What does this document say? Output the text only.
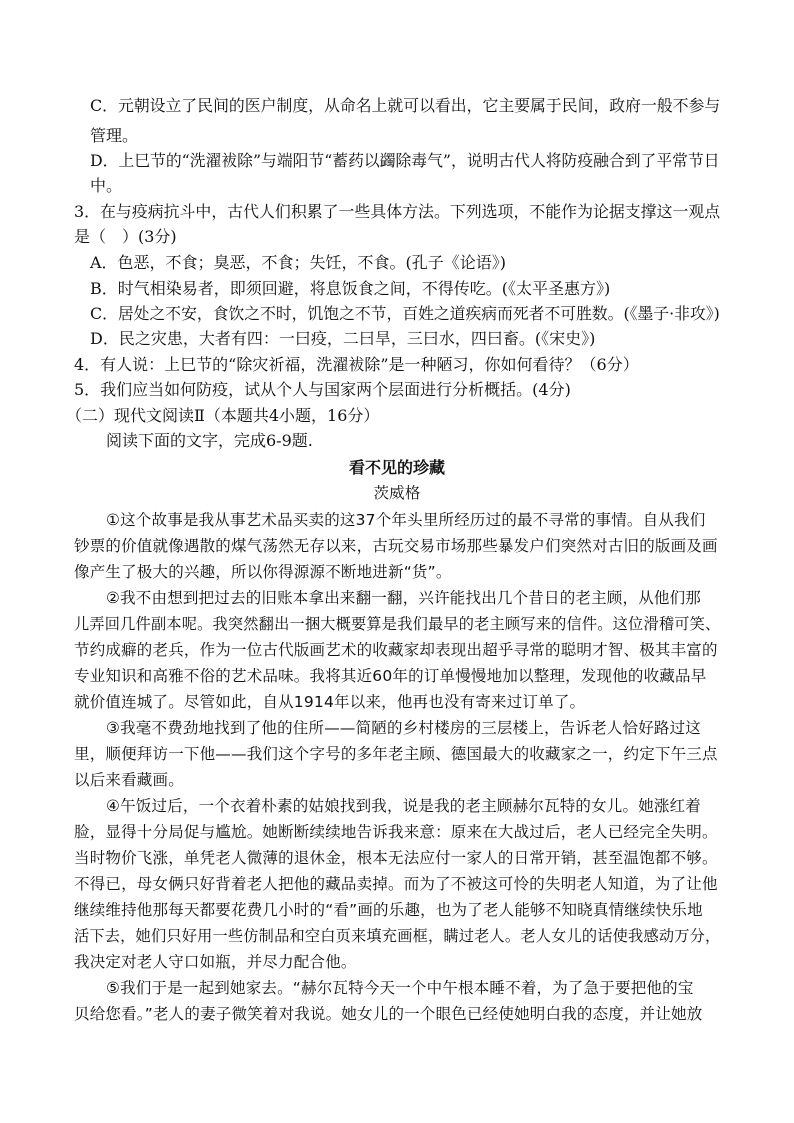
C．元朝设立了民间的医户制度，从命名上就可以看出，它主要属于民间，政府一般不参与
管理。
D．上巳节的“洗濯袚除”与端阳节“蓄药以蠲除毒气”，说明古代人将防疫融合到了平常节日
中。
3．在与疫病抗斗中，古代人们积累了一些具体方法。下列选项，不能作为论据支撑这一观点
是（　）(3分)
A．色恶，不食；臭恶，不食；失饪，不食。(孔子《论语》)
B．时气相染易者，即须回避，将息饭食之间，不得传吃。(《太平圣惠方》)
C．居处之不安，食饮之不时，饥饱之不节，百姓之道疾病而死者不可胜数。(《墨子·非攻》)
D．民之灾患，大者有四：一曰疫，二曰旱，三曰水，四曰畜。(《宋史》)
4．有人说：上巳节的“除灾祈福，洗濯袚除”是一种陋习，你如何看待？（6分）
5．我们应当如何防疫，试从个人与国家两个层面进行分析概括。(4分)
（二）现代文阅读Ⅱ（本题共4小题，16分）
阅读下面的文字，完成6-9题.
看不见的珍藏
茨威格
①这个故事是我从事艺术品买卖的这37个年头里所经历过的最不寻常的事情。自从我们
钞票的价值就像遇散的煤气荡然无存以来，古玩交易市场那些暴发户们突然对古旧的版画及画
像产生了极大的兴趣，所以你得源源不断地进新“货”。
②我不由想到把过去的旧账本拿出来翻一翻，兴许能找出几个昔日的老主顾，从他们那
儿弄回几件副本呢。我突然翻出一捆大概要算是我们最早的老主顾写来的信件。这位滑稽可笑、
节约成癖的老兵，作为一位古代版画艺术的收藏家却表现出超乎寻常的聪明才智、极其丰富的
专业知识和高雅不俗的艺术品味。我将其近60年的订单慢慢地加以整理，发现他的收藏品早
就价值连城了。尽管如此，自从1914年以来，他再也没有寄来过订单了。
③我毫不费劲地找到了他的住所——简陋的乡村楼房的三层楼上，告诉老人恰好路过这
里，顺便拜访一下他——我们这个字号的多年老主顾、德国最大的收藏家之一，约定下午三点
以后来看藏画。
④午饭过后，一个衣着朴素的姑娘找到我，说是我的老主顾赫尔瓦特的女儿。她涨红着
脸，显得十分局促与尴尬。她断断续续地告诉我来意：原来在大战过后，老人已经完全失明。
当时物价飞涨，单凭老人微薄的退休金，根本无法应付一家人的日常开销，甚至温饱都不够。
不得已，母女俩只好背着老人把他的藏品卖掉。而为了不被这可怜的失明老人知道，为了让他
继续维持他那每天都要花费几小时的“看”画的乐趣，也为了老人能够不知晓真情继续快乐地
活下去，她们只好用一些仿制品和空白页来填充画框，瞒过老人。老人女儿的话使我感动万分，
我决定对老人守口如瓶，并尽力配合他。
⑤我们于是一起到她家去。“赫尔瓦特今天一个中午根本睡不着，为了急于要把他的宝
贝给您看。”老人的妻子微笑着对我说。她女儿的一个眼色已经使她明白我的态度，并让她放
